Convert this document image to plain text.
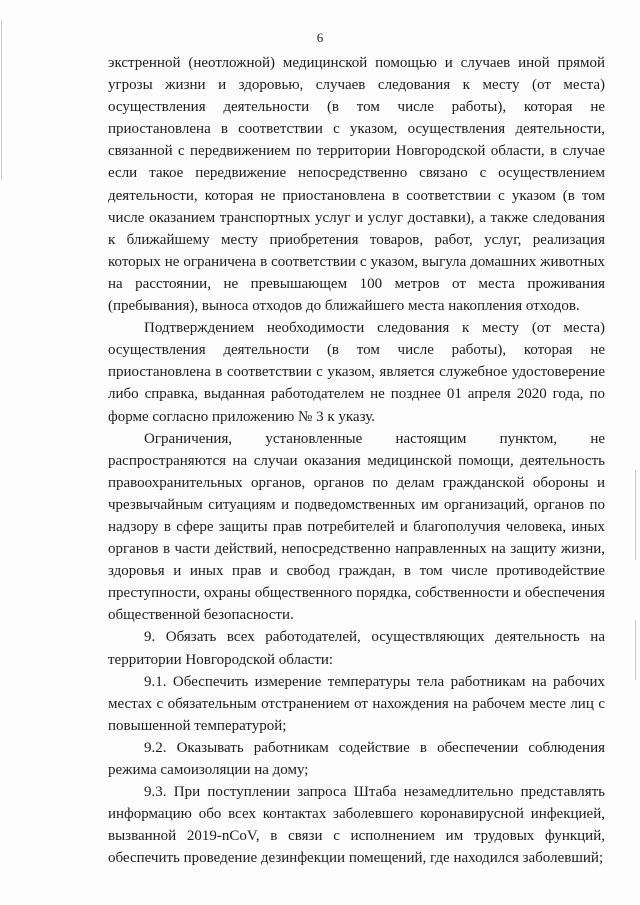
6

экстренной (неотложной) медицинской помощью и случаев иной прямой угрозы жизни и здоровью, случаев следования к месту (от места) осуществления деятельности (в том числе работы), которая не приостановлена в соответствии с указом, осуществления деятельности, связанной с передвижением по территории Новгородской области, в случае если такое передвижение непосредственно связано с осуществлением деятельности, которая не приостановлена в соответствии с указом (в том числе оказанием транспортных услуг и услуг доставки), а также следования к ближайшему месту приобретения товаров, работ, услуг, реализация которых не ограничена в соответствии с указом, выгула домашних животных на расстоянии, не превышающем 100 метров от места проживания (пребывания), выноса отходов до ближайшего места накопления отходов.

Подтверждением необходимости следования к месту (от места) осуществления деятельности (в том числе работы), которая не приостановлена в соответствии с указом, является служебное удостоверение либо справка, выданная работодателем не позднее 01 апреля 2020 года, по форме согласно приложению № 3 к указу.

Ограничения, установленные настоящим пунктом, не распространяются на случаи оказания медицинской помощи, деятельность правоохранительных органов, органов по делам гражданской обороны и чрезвычайным ситуациям и подведомственных им организаций, органов по надзору в сфере защиты прав потребителей и благополучия человека, иных органов в части действий, непосредственно направленных на защиту жизни, здоровья и иных прав и свобод граждан, в том числе противодействие преступности, охраны общественного порядка, собственности и обеспечения общественной безопасности.

9. Обязать всех работодателей, осуществляющих деятельность на территории Новгородской области:

9.1. Обеспечить измерение температуры тела работникам на рабочих местах с обязательным отстранением от нахождения на рабочем месте лиц с повышенной температурой;

9.2. Оказывать работникам содействие в обеспечении соблюдения режима самоизоляции на дому;

9.3. При поступлении запроса Штаба незамедлительно представлять информацию обо всех контактах заболевшего коронавирусной инфекцией, вызванной 2019-nCoV, в связи с исполнением им трудовых функций, обеспечить проведение дезинфекции помещений, где находился заболевший;
